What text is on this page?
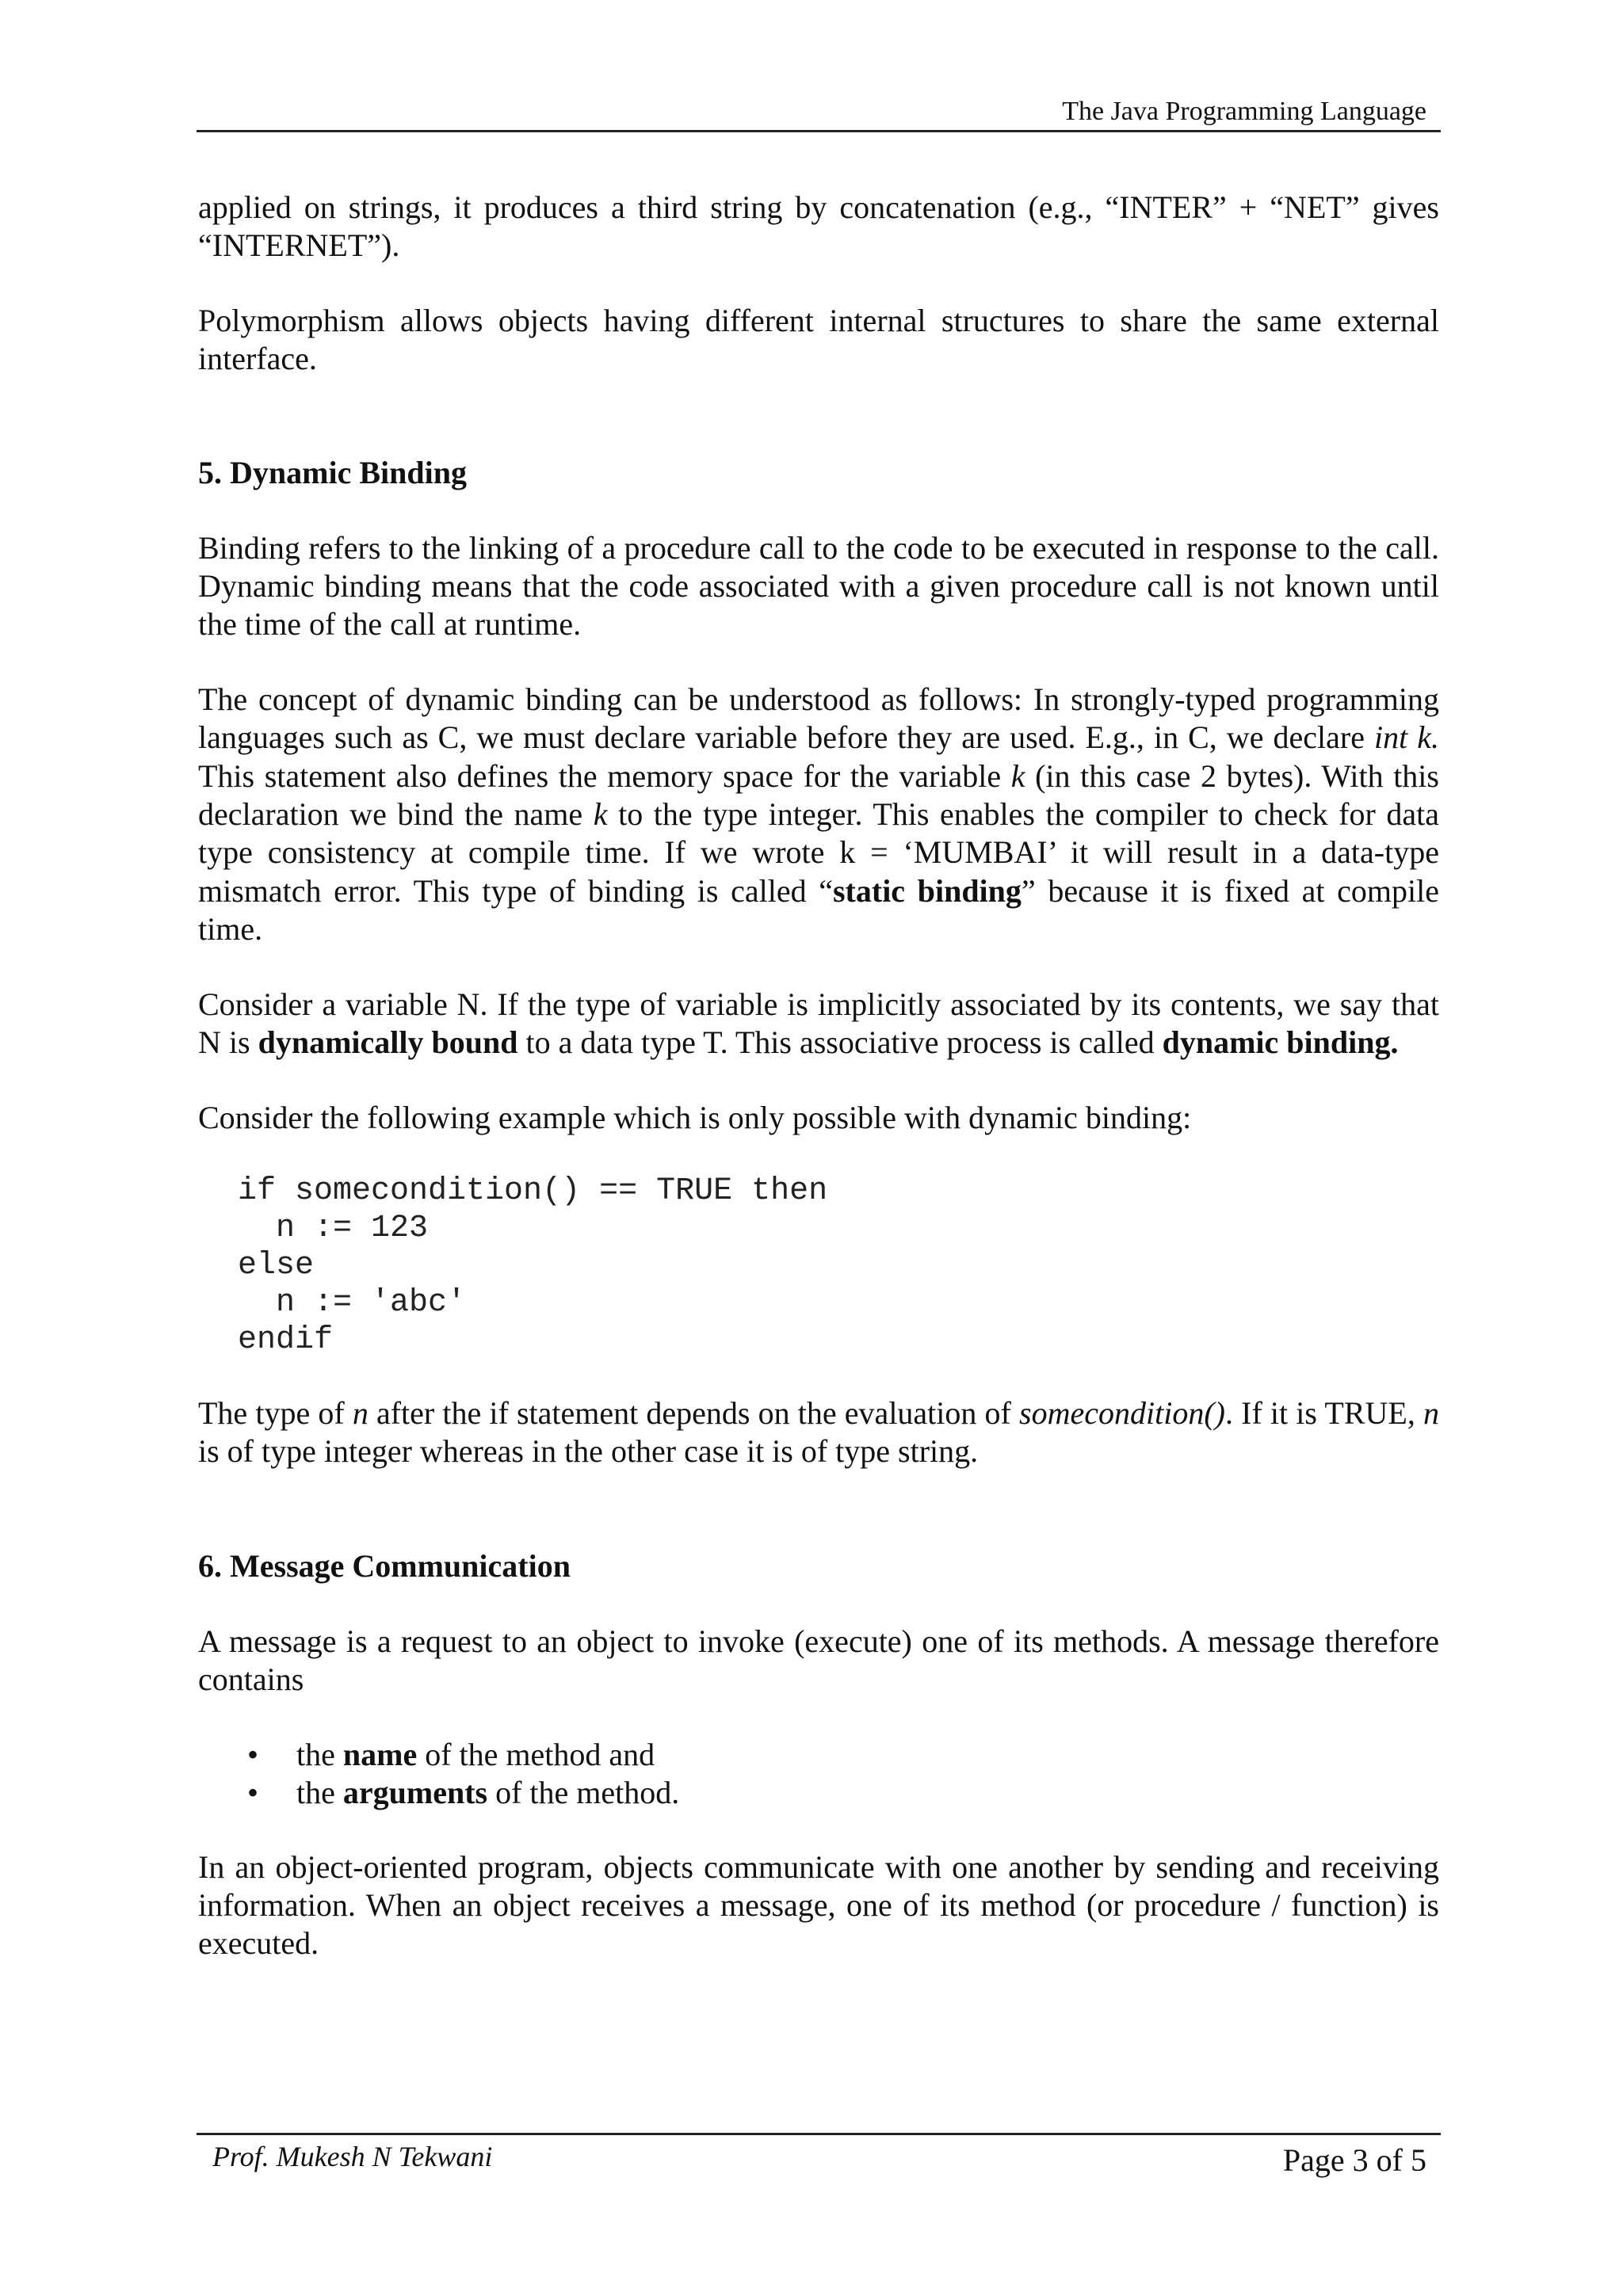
The Java Programming Language

applied on strings, it produces a third string by concatenation (e.g., “INTER” + “NET” gives “INTERNET”).

Polymorphism allows objects having different internal structures to share the same external interface.

5. Dynamic Binding

Binding refers to the linking of a procedure call to the code to be executed in response to the call. Dynamic binding means that the code associated with a given procedure call is not known until the time of the call at runtime.

The concept of dynamic binding can be understood as follows: In strongly-typed programming languages such as C, we must declare variable before they are used. E.g., in C, we declare int k. This statement also defines the memory space for the variable k (in this case 2 bytes). With this declaration we bind the name k to the type integer. This enables the compiler to check for data type consistency at compile time. If we wrote k = ‘MUMBAI’ it will result in a data-type mismatch error. This type of binding is called “static binding” because it is fixed at compile time.

Consider a variable N. If the type of variable is implicitly associated by its contents, we say that N is dynamically bound to a data type T. This associative process is called dynamic binding.

Consider the following example which is only possible with dynamic binding:

if somecondition() == TRUE then
n := 123
else
n := 'abc'
endif

The type of n after the if statement depends on the evaluation of somecondition(). If it is TRUE, n is of type integer whereas in the other case it is of type string.

6. Message Communication

A message is a request to an object to invoke (execute) one of its methods. A message therefore contains

• the name of the method and
• the arguments of the method.

In an object-oriented program, objects communicate with one another by sending and receiving information. When an object receives a message, one of its method (or procedure / function) is executed.

Prof. Mukesh N Tekwani	Page 3 of 5
